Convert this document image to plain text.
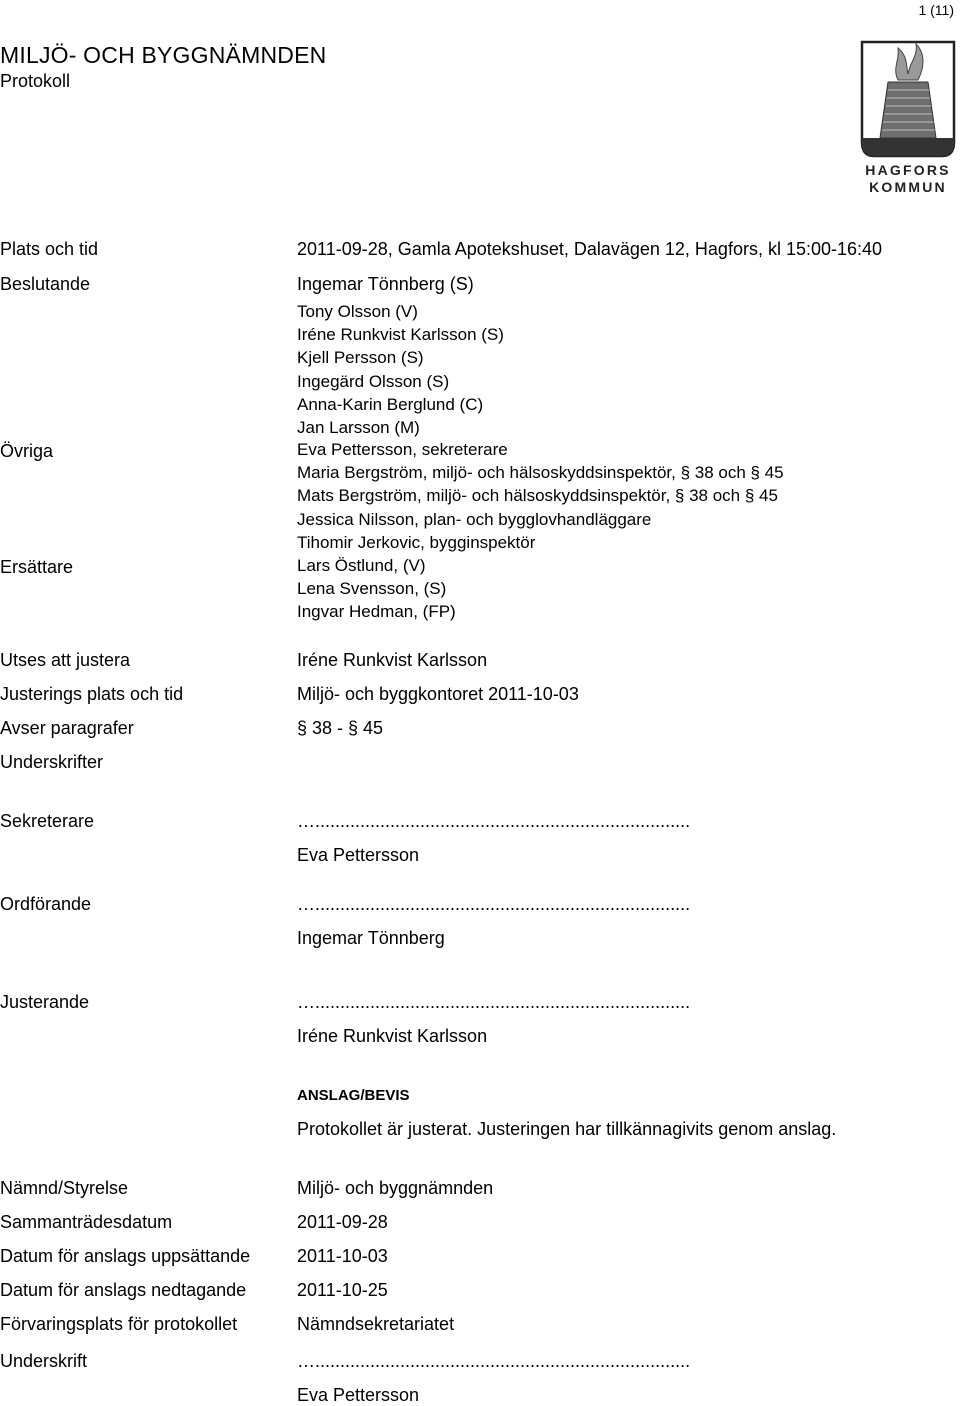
1 (11)
MILJÖ- OCH BYGGNÄMNDEN
Protokoll
HAGFORS
KOMMUN
Plats och tid	2011-09-28, Gamla Apotekshuset, Dalavägen 12, Hagfors, kl 15:00-16:40
Beslutande	Ingemar Tönnberg (S)
Tony Olsson (V)
Iréne Runkvist Karlsson (S)
Kjell Persson (S)
Ingegärd Olsson (S)
Anna-Karin Berglund (C)
Jan Larsson (M)
Övriga	Eva Pettersson, sekreterare
Maria Bergström, miljö- och hälsoskyddsinspektör, § 38 och § 45
Mats Bergström, miljö- och hälsoskyddsinspektör, § 38 och § 45
Jessica Nilsson, plan- och bygglovhandläggare
Tihomir Jerkovic, bygginspektör
Ersättare	Lars Östlund, (V)
Lena Svensson, (S)
Ingvar Hedman, (FP)
Utses att justera	Iréne Runkvist Karlsson
Justerings plats och tid	Miljö- och byggkontoret 2011-10-03
Avser paragrafer	§ 38 - § 45
Underskrifter
Sekreterare	…...........................................................................
Eva Pettersson
Ordförande	…...........................................................................
Ingemar Tönnberg
Justerande	…...........................................................................
Iréne Runkvist Karlsson
ANSLAG/BEVIS
Protokollet är justerat. Justeringen har tillkännagivits genom anslag.
Nämnd/Styrelse	Miljö- och byggnämnden
Sammanträdesdatum	2011-09-28
Datum för anslags uppsättande	2011-10-03
Datum för anslags nedtagande	2011-10-25
Förvaringsplats för protokollet	Nämndsekretariatet
Underskrift	…...........................................................................
Eva Pettersson
